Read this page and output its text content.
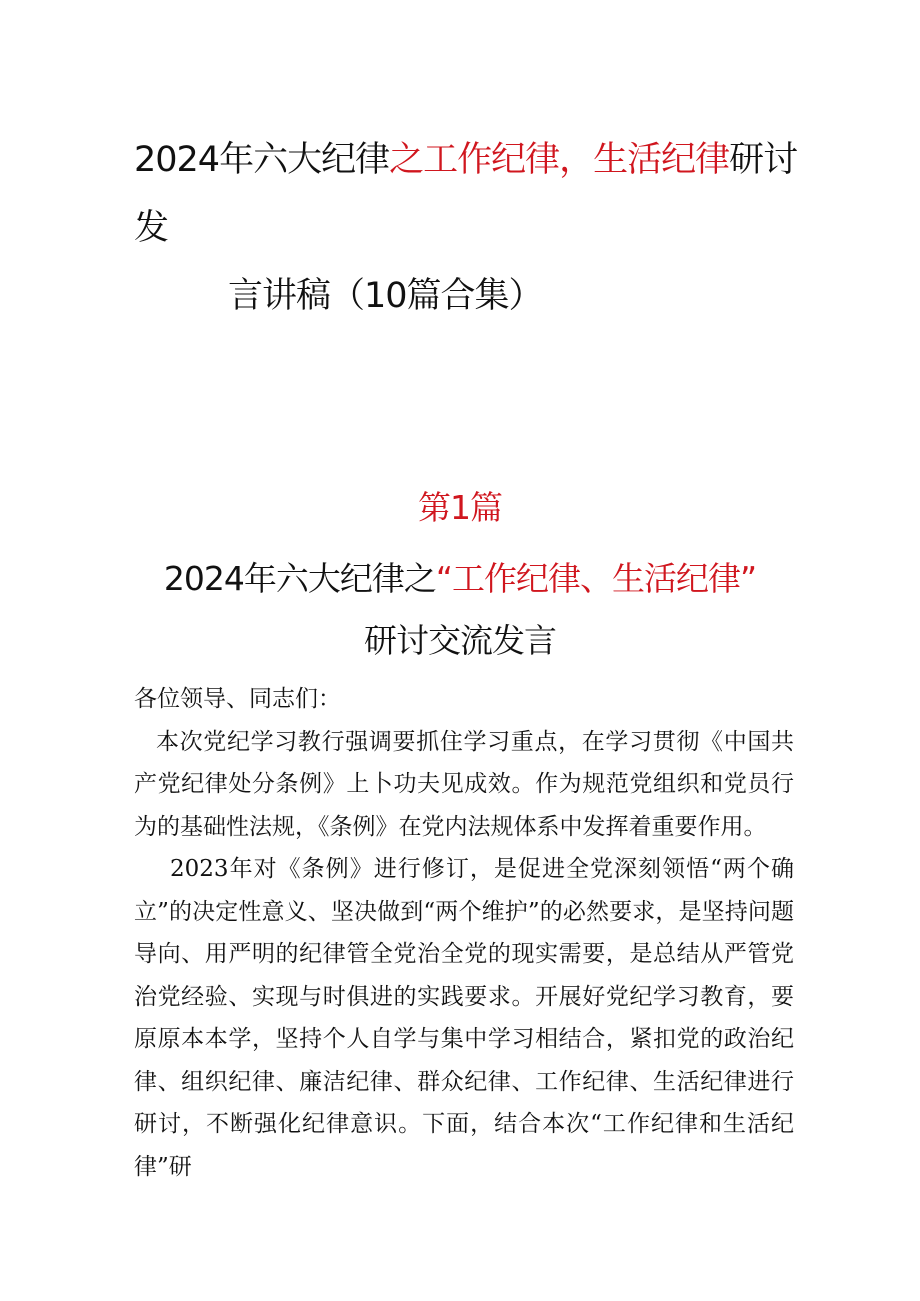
2024年六大纪律之工作纪律，生活纪律研讨发
言讲稿（10篇合集）
第1篇
2024年六大纪律之“工作纪律、生活纪律”
研讨交流发言

各位领导、同志们：

本次党纪学习教行强调要抓住学习重点，在学习贯彻《中国共产党纪律处分条例》上卜功夫见成效。作为规范党组织和党员行为的基础性法规，《条例》在党内法规体系中发挥着重要作用。

2023年对《条例》进行修订，是促进全党深刻领悟“两个确立”的决定性意义、坚决做到“两个维护”的必然要求，是坚持问题导向、用严明的纪律管全党治全党的现实需要，是总结从严管党治党经验、实现与时俱进的实践要求。开展好党纪学习教育，要原原本本学，坚持个人自学与集中学习相结合，紧扣党的政治纪律、组织纪律、廉洁纪律、群众纪律、工作纪律、生活纪律进行研讨，不断强化纪律意识。下面，结合本次“工作纪律和生活纪律”研
